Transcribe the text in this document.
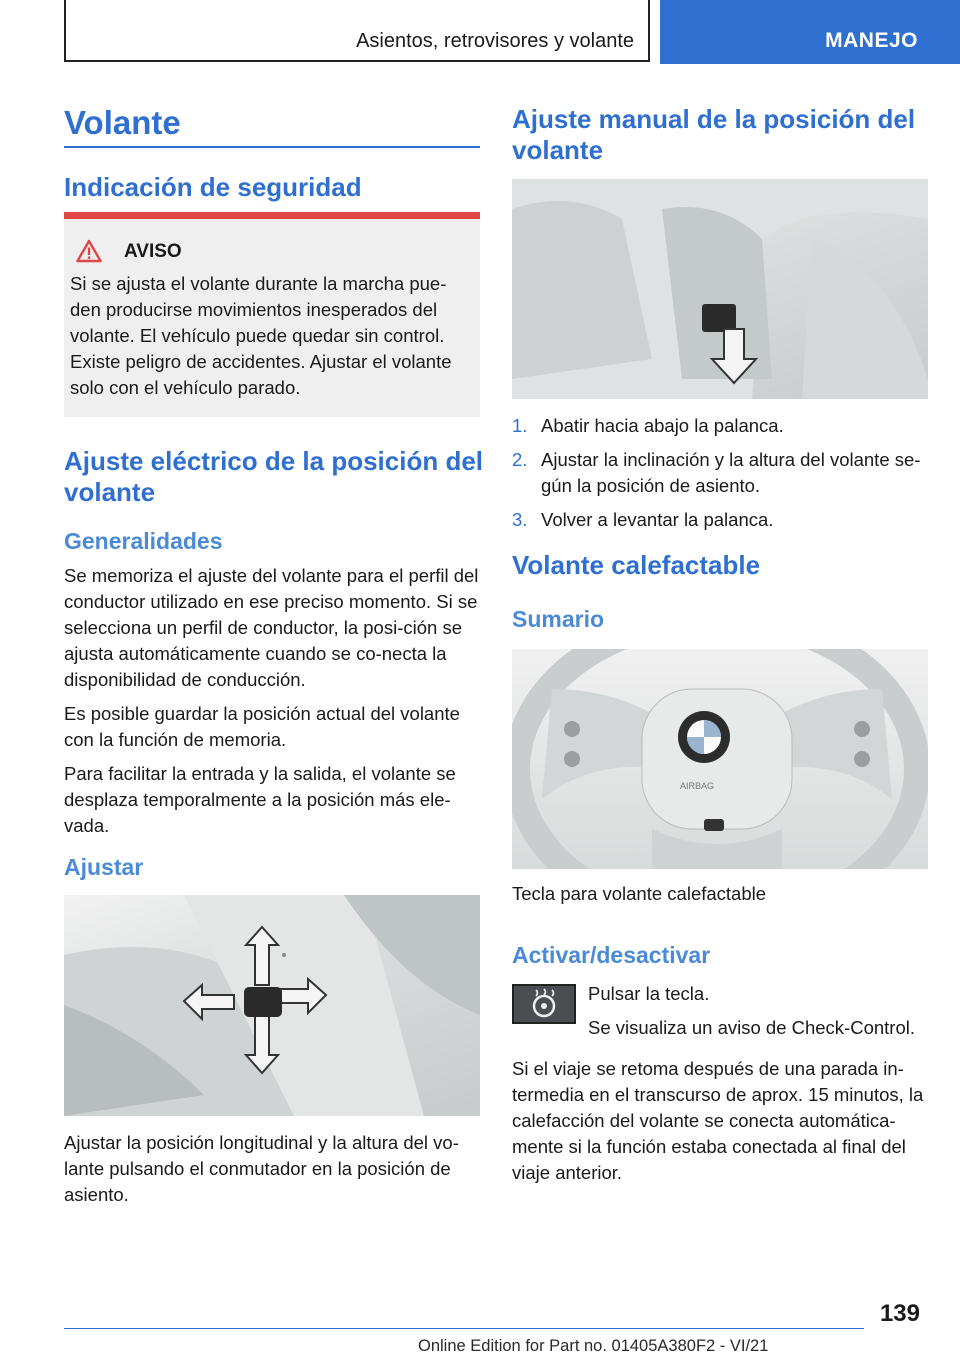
Asientos, retrovisores y volante	MANEJO
Volante
Indicación de seguridad
AVISO
Si se ajusta el volante durante la marcha pue-
den producirse movimientos inesperados del
volante. El vehículo puede quedar sin control.
Existe peligro de accidentes. Ajustar el volante
solo con el vehículo parado.
Ajuste eléctrico de la posición del volante
Generalidades

Se memoriza el ajuste del volante para el perfil del conductor utilizado en ese preciso momento. Si se selecciona un perfil de conductor, la posi-ción se ajusta automáticamente cuando se co-necta la disponibilidad de conducción.

Es posible guardar la posición actual del volante con la función de memoria.

Para facilitar la entrada y la salida, el volante se desplaza temporalmente a la posición más ele-vada.

Ajustar
Ajustar la posición longitudinal y la altura del vo-lante pulsando el conmutador en la posición de asiento.
Ajuste manual de la posición del volante
1. Abatir hacia abajo la palanca.
2. Ajustar la inclinación y la altura del volante se-gún la posición de asiento.
3. Volver a levantar la palanca.
Volante calefactable
Sumario
AIRBAG
Tecla para volante calefactable
Activar/desactivar

Pulsar la tecla.

Se visualiza un aviso de Check-Control.

Si el viaje se retoma después de una parada in-termedia en el transcurso de aprox. 15 minutos, la calefacción del volante se conecta automática-mente si la función estaba conectada al final del viaje anterior.
139
Online Edition for Part no. 01405A380F2 - VI/21
